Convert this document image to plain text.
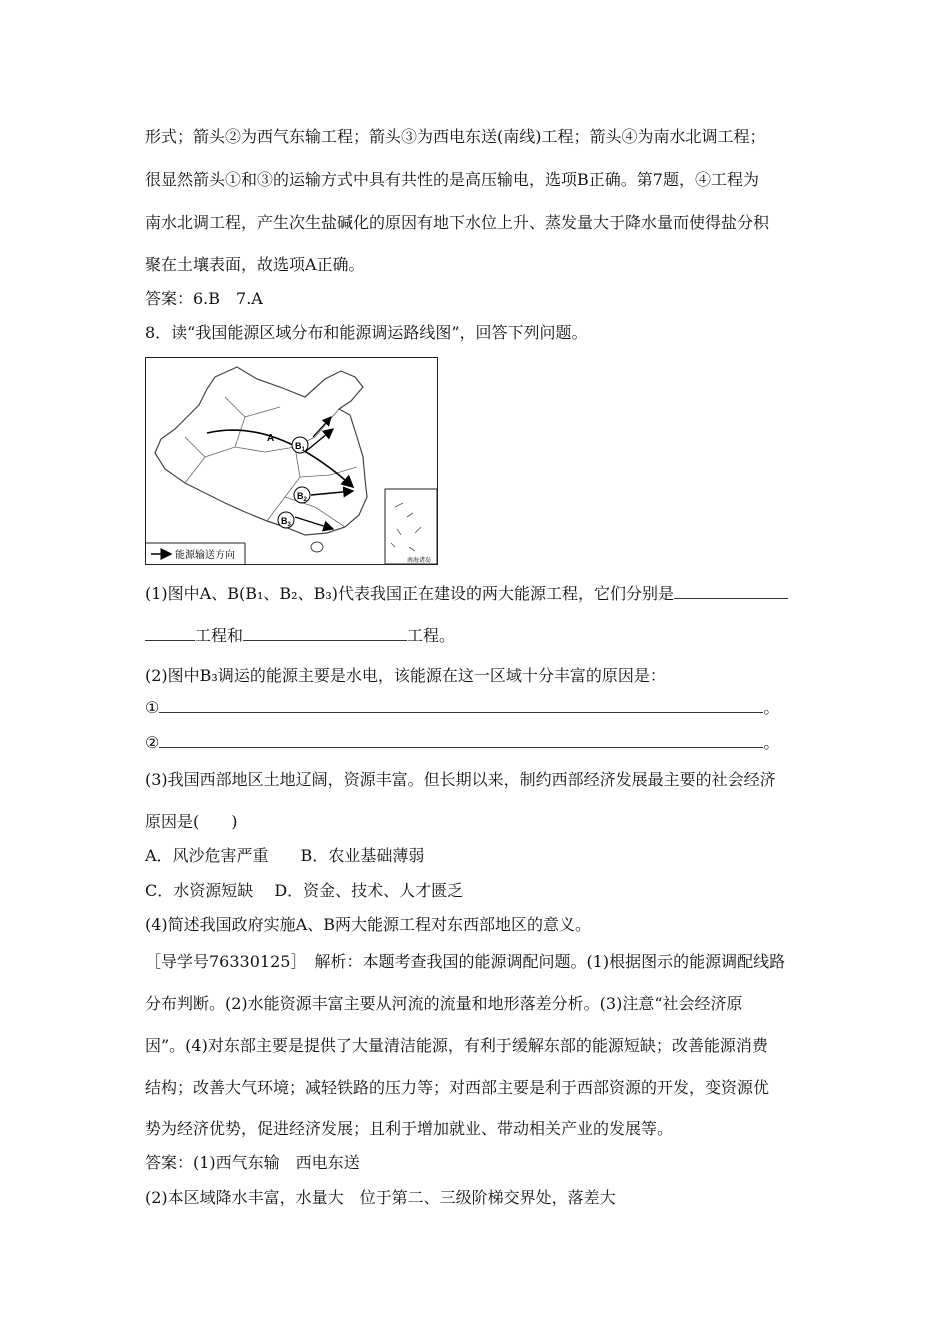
形式；箭头②为西气东输工程；箭头③为西电东送(南线)工程；箭头④为南水北调工程；
很显然箭头①和③的运输方式中具有共性的是高压输电，选项B正确。第7题，④工程为
南水北调工程，产生次生盐碱化的原因有地下水位上升、蒸发量大于降水量而使得盐分积
聚在土壤表面，故选项A正确。
答案：6.B　7.A
8．读“我国能源区域分布和能源调运路线图”，回答下列问题。
A
$B_1$
$B_2$
$B_3$
南海诸岛
能源输送方向
(1)图中A、B(B₁、B₂、B₃)代表我国正在建设的两大能源工程，它们分别是
工程和	工程。
(2)图中B₃调运的能源主要是水电，该能源在这一区域十分丰富的原因是：
①	。
②	。
(3)我国西部地区土地辽阔，资源丰富。但长期以来，制约西部经济发展最主要的社会经济
原因是(　　)
A．风沙危害严重　　B．农业基础薄弱
C．水资源短缺　 D．资金、技术、人才匮乏
(4)简述我国政府实施A、B两大能源工程对东西部地区的意义。
［导学号76330125］　解析：本题考查我国的能源调配问题。(1)根据图示的能源调配线路
分布判断。(2)水能资源丰富主要从河流的流量和地形落差分析。(3)注意“社会经济原
因”。(4)对东部主要是提供了大量清洁能源，有利于缓解东部的能源短缺；改善能源消费
结构；改善大气环境；减轻铁路的压力等；对西部主要是利于西部资源的开发，变资源优
势为经济优势，促进经济发展；且利于增加就业、带动相关产业的发展等。
答案：(1)西气东输　西电东送
(2)本区域降水丰富，水量大　位于第二、三级阶梯交界处，落差大
